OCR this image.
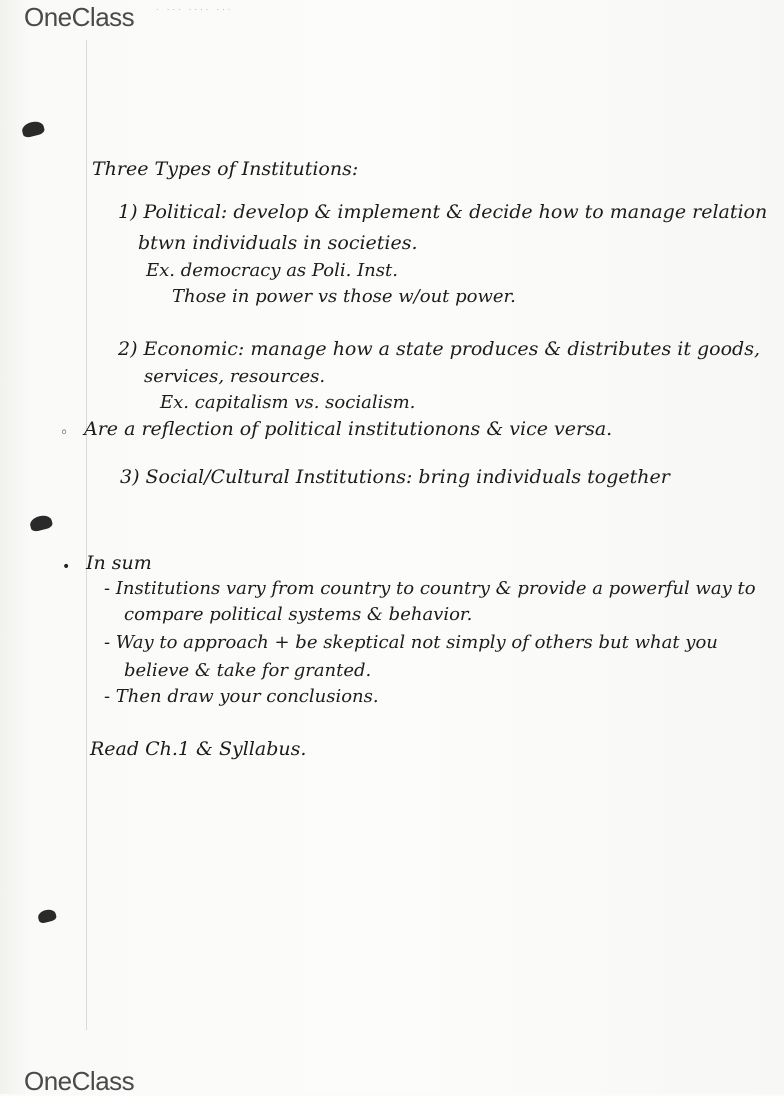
OneClass ˙ ˙˙˙ ˙˙˙˙ ˙˙˙

Three Types of Institutions:

1) Political: develop & implement & decide how to manage relation

btwn individuals in societies.

Ex. democracy as Poli. Inst.

Those in power vs those w/out power.

2) Economic: manage how a state produces & distributes it goods,

services, resources.

Ex. capitalism vs. socialism.

◦ Are a reflection of political institutionons & vice versa.

3) Social/Cultural Institutions: bring individuals together

• In sum

- Institutions vary from country to country & provide a powerful way to

compare political systems & behavior.

- Way to approach + be skeptical not simply of others but what you

believe & take for granted.

- Then draw your conclusions.

Read Ch.1 & Syllabus.

OneClass
